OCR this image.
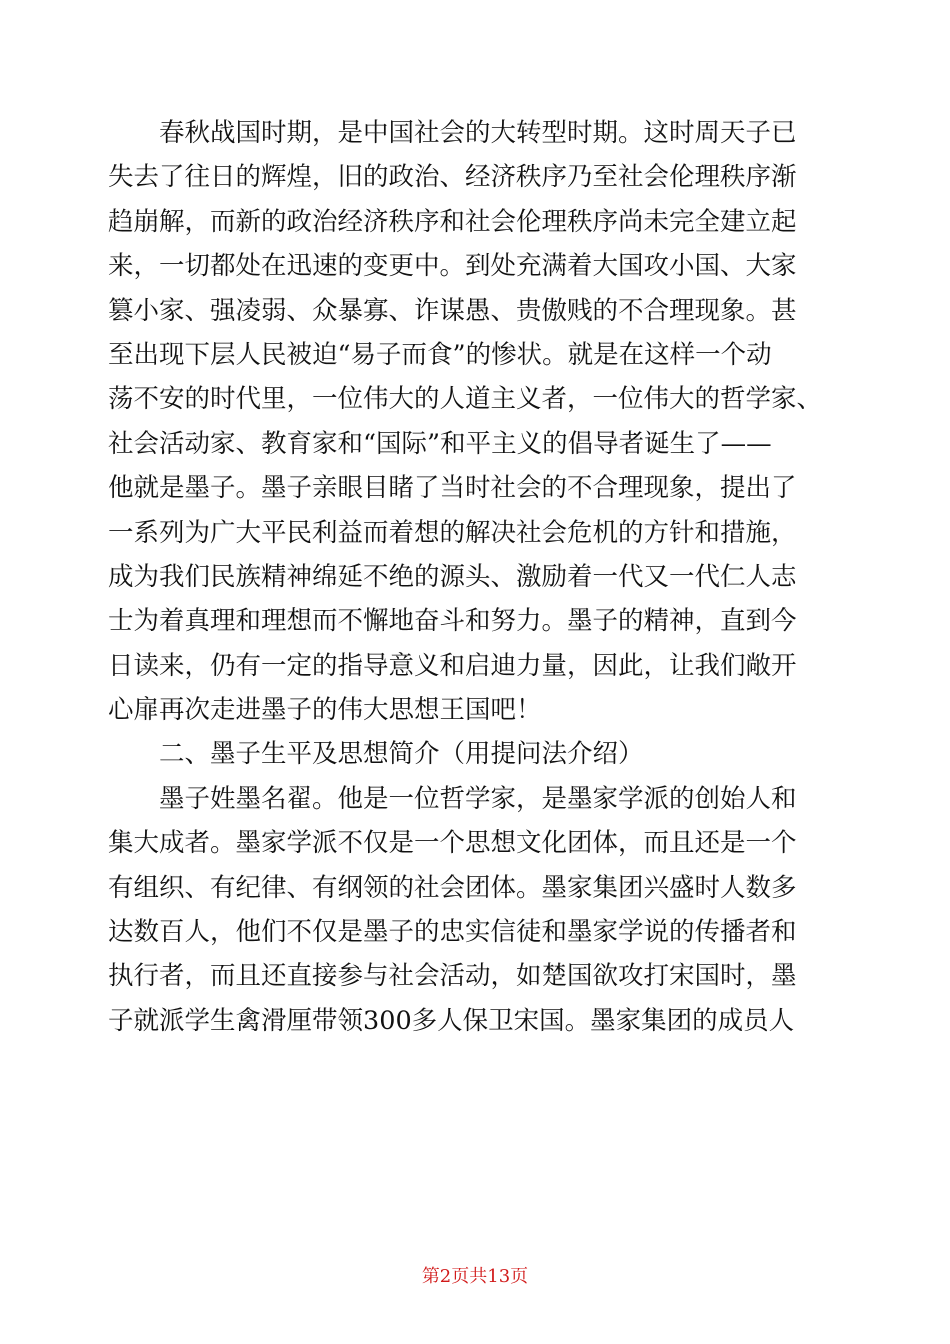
春秋战国时期，是中国社会的大转型时期。这时周天子已
失去了往日的辉煌，旧的政治、经济秩序乃至社会伦理秩序渐
趋崩解，而新的政治经济秩序和社会伦理秩序尚未完全建立起
来，一切都处在迅速的变更中。到处充满着大国攻小国、大家
篡小家、强凌弱、众暴寡、诈谋愚、贵傲贱的不合理现象。甚
至出现下层人民被迫“易子而食”的惨状。就是在这样一个动
荡不安的时代里，一位伟大的人道主义者，一位伟大的哲学家、
社会活动家、教育家和“国际”和平主义的倡导者诞生了——
他就是墨子。墨子亲眼目睹了当时社会的不合理现象，提出了
一系列为广大平民利益而着想的解决社会危机的方针和措施，
成为我们民族精神绵延不绝的源头、激励着一代又一代仁人志
士为着真理和理想而不懈地奋斗和努力。墨子的精神，直到今
日读来，仍有一定的指导意义和启迪力量，因此，让我们敞开
心扉再次走进墨子的伟大思想王国吧！
二、墨子生平及思想简介（用提问法介绍）
墨子姓墨名翟。他是一位哲学家，是墨家学派的创始人和
集大成者。墨家学派不仅是一个思想文化团体，而且还是一个
有组织、有纪律、有纲领的社会团体。墨家集团兴盛时人数多
达数百人，他们不仅是墨子的忠实信徒和墨家学说的传播者和
执行者，而且还直接参与社会活动，如楚国欲攻打宋国时，墨
子就派学生禽滑厘带领300多人保卫宋国。墨家集团的成员人
第2页共13页
